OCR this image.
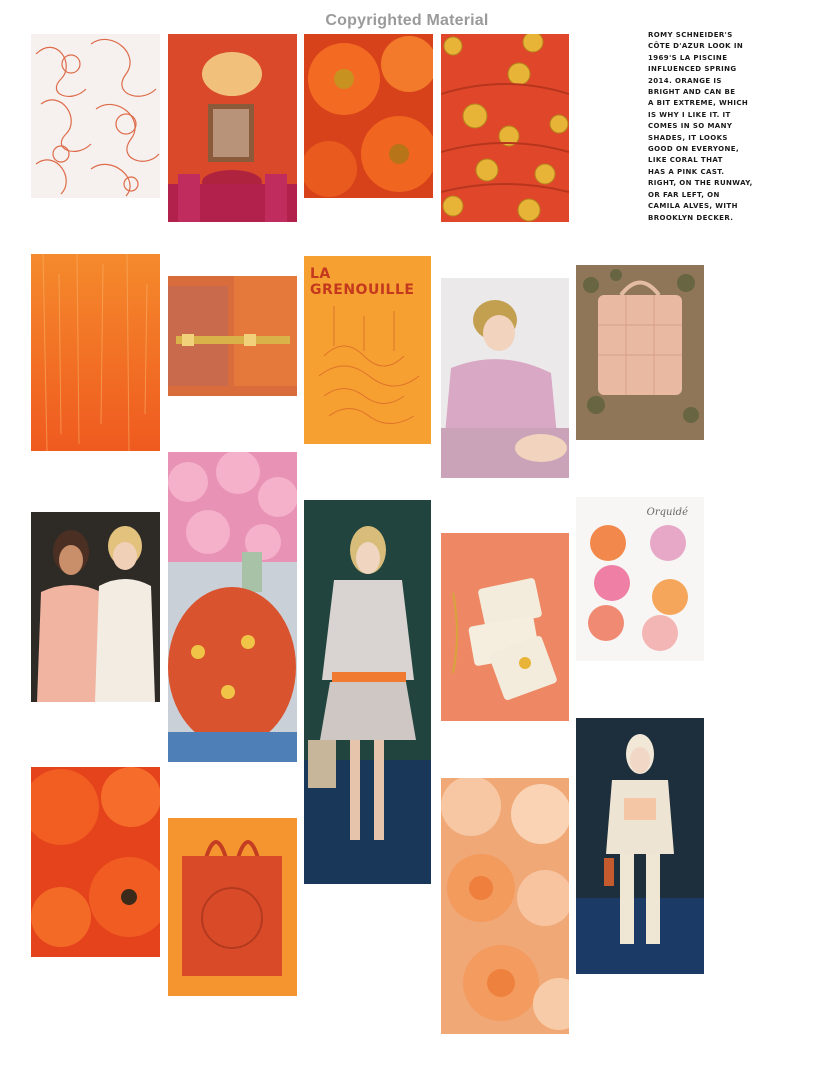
Copyrighted Material
ROMY SCHNEIDER'S
CÔTE D'AZUR LOOK IN
1969'S LA PISCINE
INFLUENCED SPRING
2014. ORANGE IS
BRIGHT AND CAN BE
A BIT EXTREME, WHICH
IS WHY I LIKE IT. IT
COMES IN SO MANY
SHADES, IT LOOKS
GOOD ON EVERYONE,
LIKE CORAL THAT
HAS A PINK CAST.
RIGHT, ON THE RUNWAY,
OR FAR LEFT, ON
CAMILA ALVES, WITH
BROOKLYN DECKER.
LA GRENOUILLE
Orquidé
